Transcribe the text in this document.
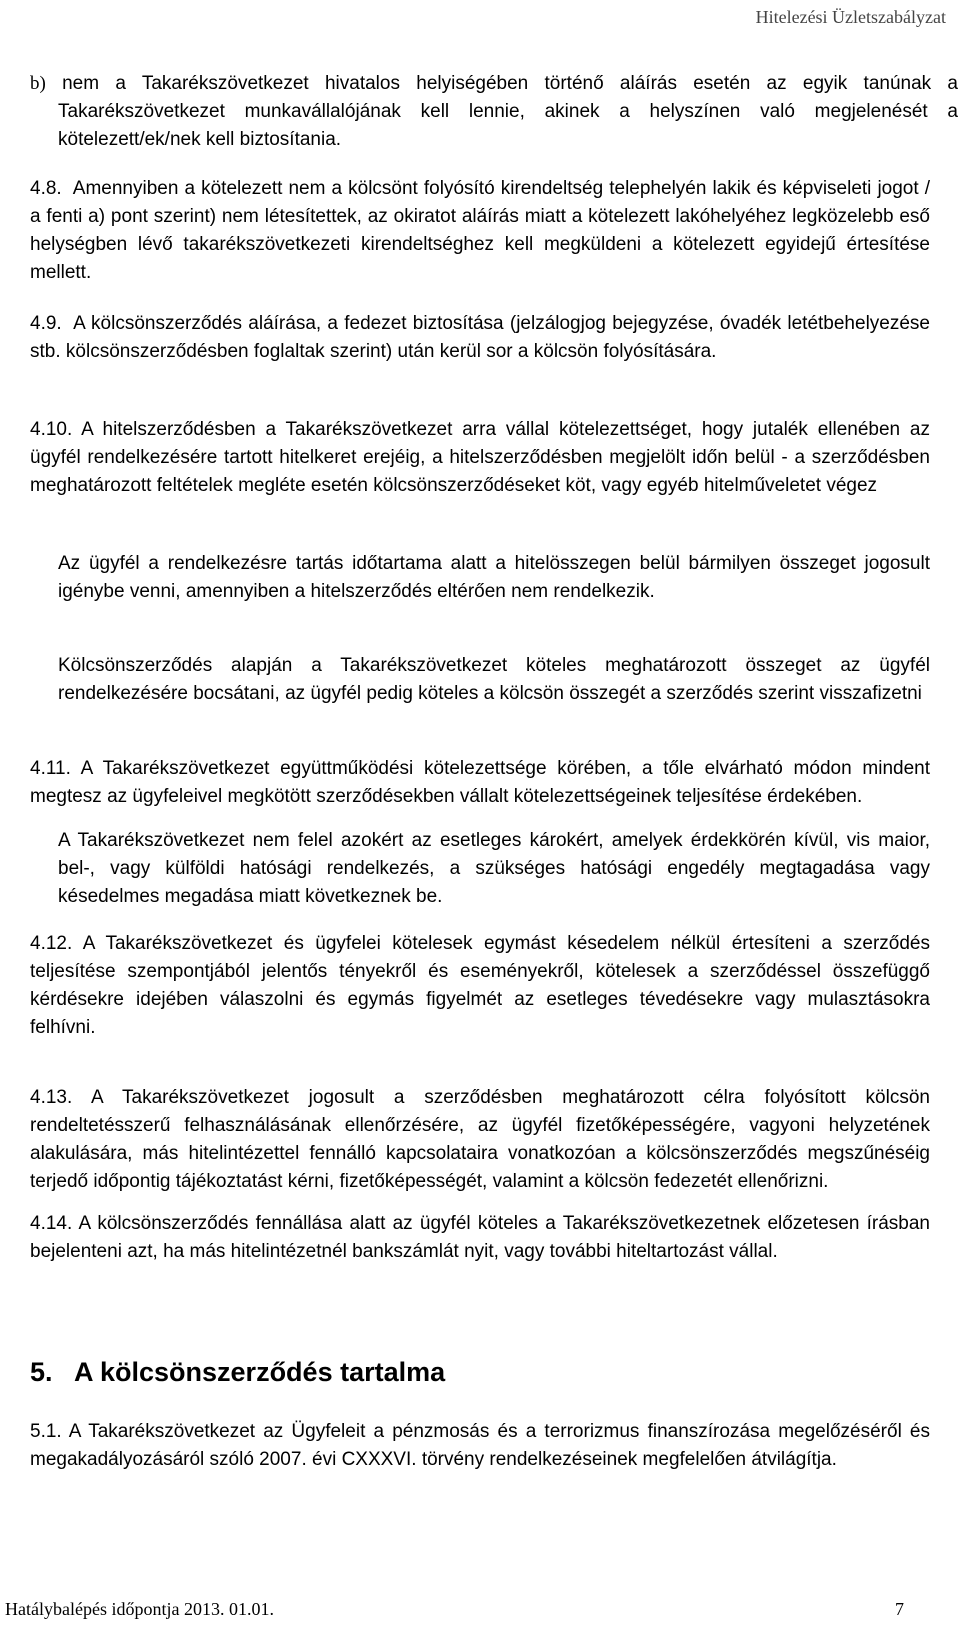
Hitelezési Üzletszabályzat
b) nem a Takarékszövetkezet hivatalos helyiségében történő aláírás esetén az egyik tanúnak a Takarékszövetkezet munkavállalójának kell lennie, akinek a helyszínen való megjelenését a kötelezett/ek/nek kell biztosítania.
4.8. Amennyiben a kötelezett nem a kölcsönt folyósító kirendeltség telephelyén lakik és képviseleti jogot / a fenti a) pont szerint) nem létesítettek, az okiratot aláírás miatt a kötelezett lakóhelyéhez legközelebb eső helységben lévő takarékszövetkezeti kirendeltséghez kell megküldeni a kötelezett egyidejű értesítése mellett.
4.9. A kölcsönszerződés aláírása, a fedezet biztosítása (jelzálogjog bejegyzése, óvadék letétbehelyezése stb. kölcsönszerződésben foglaltak szerint) után kerül sor a kölcsön folyósítására.
4.10. A hitelszerződésben a Takarékszövetkezet arra vállal kötelezettséget, hogy jutalék ellenében az ügyfél rendelkezésére tartott hitelkeret erejéig, a hitelszerződésben megjelölt időn belül - a szerződésben meghatározott feltételek megléte esetén kölcsönszerződéseket köt, vagy egyéb hitelműveletet végez
Az ügyfél a rendelkezésre tartás időtartama alatt a hitelösszegen belül bármilyen összeget jogosult igénybe venni, amennyiben a hitelszerződés eltérően nem rendelkezik.
Kölcsönszerződés alapján a Takarékszövetkezet köteles meghatározott összeget az ügyfél rendelkezésére bocsátani, az ügyfél pedig köteles a kölcsön összegét a szerződés szerint visszafizetni
4.11. A Takarékszövetkezet együttműködési kötelezettsége körében, a tőle elvárható módon mindent megtesz az ügyfeleivel megkötött szerződésekben vállalt kötelezettségeinek teljesítése érdekében.
A Takarékszövetkezet nem felel azokért az esetleges károkért, amelyek érdekkörén kívül, vis maior, bel-, vagy külföldi hatósági rendelkezés, a szükséges hatósági engedély megtagadása vagy késedelmes megadása miatt következnek be.
4.12. A Takarékszövetkezet és ügyfelei kötelesek egymást késedelem nélkül értesíteni a szerződés teljesítése szempontjából jelentős tényekről és eseményekről, kötelesek a szerződéssel összefüggő kérdésekre idejében válaszolni és egymás figyelmét az esetleges tévedésekre vagy mulasztásokra felhívni.
4.13. A Takarékszövetkezet jogosult a szerződésben meghatározott célra folyósított kölcsön rendeltetésszerű felhasználásának ellenőrzésére, az ügyfél fizetőképességére, vagyoni helyzetének alakulására, más hitelintézettel fennálló kapcsolataira vonatkozóan a kölcsönszerződés megszűnéséig terjedő időpontig tájékoztatást kérni, fizetőképességét, valamint a kölcsön fedezetét ellenőrizni.
4.14. A kölcsönszerződés fennállása alatt az ügyfél köteles a Takarékszövetkezetnek előzetesen írásban bejelenteni azt, ha más hitelintézetnél bankszámlát nyit, vagy további hiteltartozást vállal.
5. A kölcsönszerződés tartalma
5.1. A Takarékszövetkezet az Ügyfeleit a pénzmosás és a terrorizmus finanszírozása megelőzéséről és megakadályozásáról szóló 2007. évi CXXXVI. törvény rendelkezéseinek megfelelően átvilágítja.
Hatálybalépés időpontja 2013. 01.01.	7
